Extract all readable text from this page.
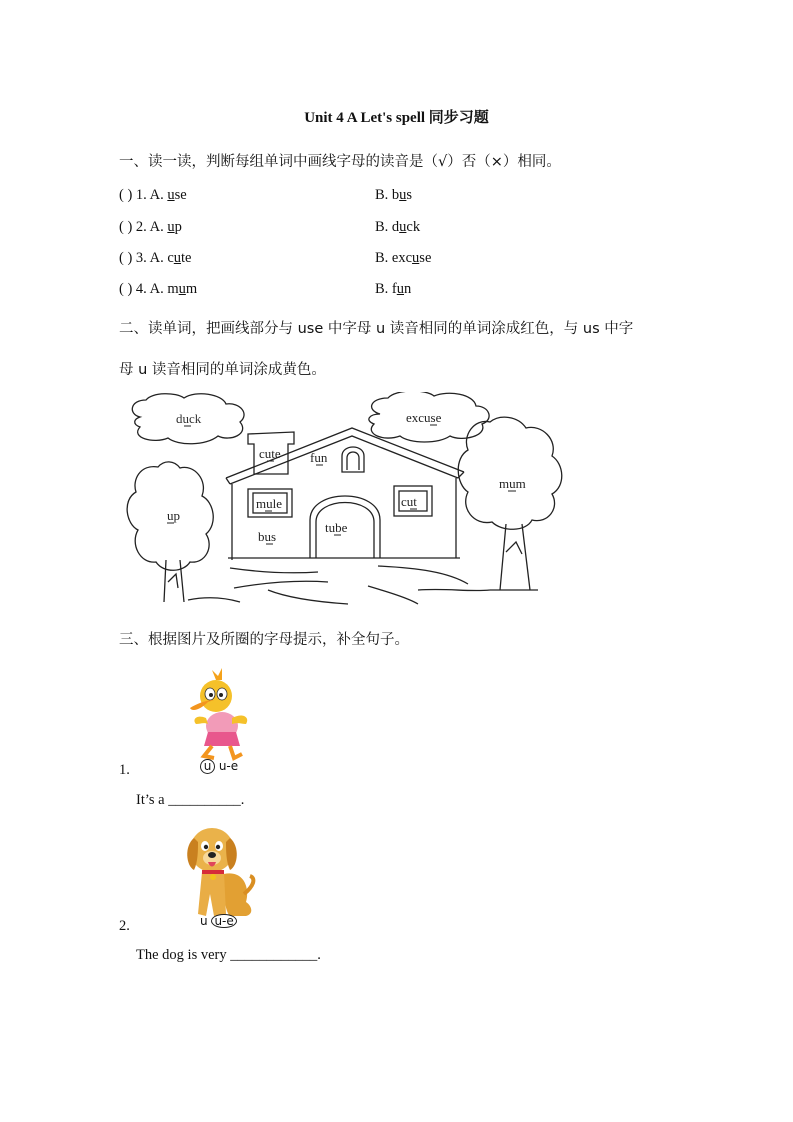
Unit 4 A Let's spell 同步习题
一、读一读，判断每组单词中画线字母的读音是（√）否（×）相同。
( ) 1. A. use	B. bus
( ) 2. A. up	B. duck
( ) 3. A. cute	B. excuse
( ) 4. A. mum	B. fun
二、读单词，把画线部分与 use 中字母 u 读音相同的单词涂成红色，与 us 中字
母 u 读音相同的单词涂成黄色。
duck	excuse
cute fun
up
mule	cut
mum
tube
bus
三、根据图片及所圈的字母提示，补全句子。
1.	u u-e
It’s a __________.
2.	u u-e
The dog is very ____________.
